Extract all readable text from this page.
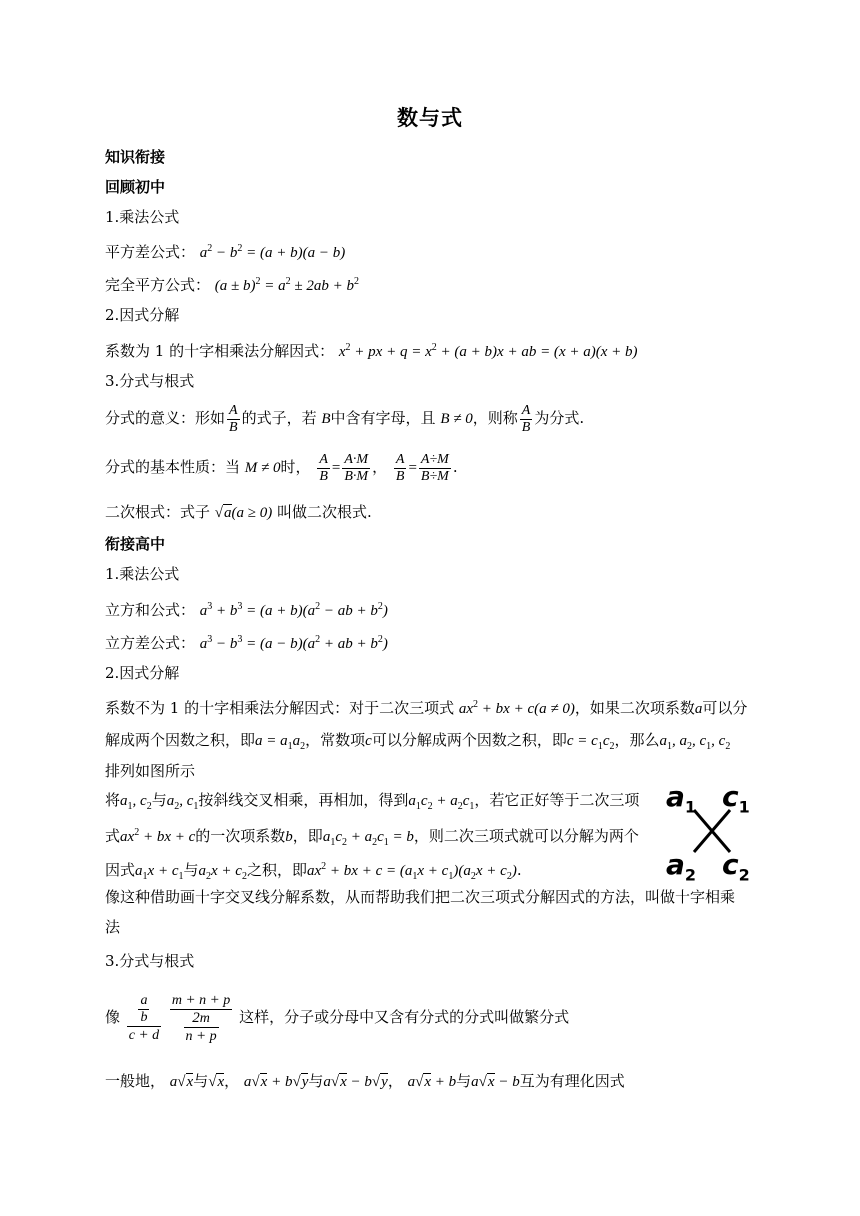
数与式
知识衔接
回顾初中
1.乘法公式
平方差公式： $a^2 - b^2 = (a + b)(a - b)$
完全平方公式： $(a \pm b)^2 = a^2 \pm 2ab + b^2$
2.因式分解
系数为 1 的十字相乘法分解因式： $x^2$ + px + $q = x^2 + (a + b)x$ + ab = (x + a)(x + b)
3.分式与根式
分式的意义：形如 $\frac{A}{B}$ 的式子，若 B中含有字母，且 B ≠ 0，则称 $\frac{A}{B}$ 为分式.
分式的基本性质：当 M ≠ 0时， $\frac{A}{B} = \frac{A\cdot M}{B\cdot M}$ ， $\frac{A}{B} = \frac{A\div M}{B\div M}$ .
二次根式：式子 √a(a ≥ 0) 叫做二次根式.
衔接高中
1.乘法公式
立方和公式： $a^3 + b^3 = (a + b)(a^2$ − ab + $b^2$)
立方差公式： $a^3 - b^3 = (a - b)(a^2$ + ab + $b^2$)
2.因式分解
系数不为 1 的十字相乘法分解因式：对于二次三项式 $ax^2$ + bx + c(a ≠ 0)，如果二次项系数a可以分
解成两个因数之积，即$a = a_1a_2$，常数项c可以分解成两个因数之积，即$c = c_1c_2$，那么$a_1$, $a_2$, $c_1$, $c_2$
排列如图所示
将$a_1$, $c_2$与$a_2$, $c_1$按斜线交叉相乘，再相加，得到$a_1c_2 + a_2c_1$，若它正好等于二次三项
式$ax^2$ + bx + c的一次项系数b，即$a_1c_2 + a_2c_1 = b$，则二次三项式就可以分解为两个
因式$a_1x + c_1$与$a_2x + c_2$之积，即$ax^2$ + bx + $c = (a_1x + c_1)(a_2x + c_2)$.
像这种借助画十字交叉线分解系数，从而帮助我们把二次三项式分解因式的方法，叫做十字相乘
法
3.分式与根式
像 $\frac{\frac{a}{b}}{c + d}$
$\frac{m + n + p}{\frac{2m}{n + p}}$ 这样，分子或分母中又含有分式的分式叫做繁分式
一般地， a√x与√x， a√x + b√y与a√x − b√y， a√x + b与a√x − b互为有理化因式
$a_1$ $c_1$
$a_2$ $c_2$
